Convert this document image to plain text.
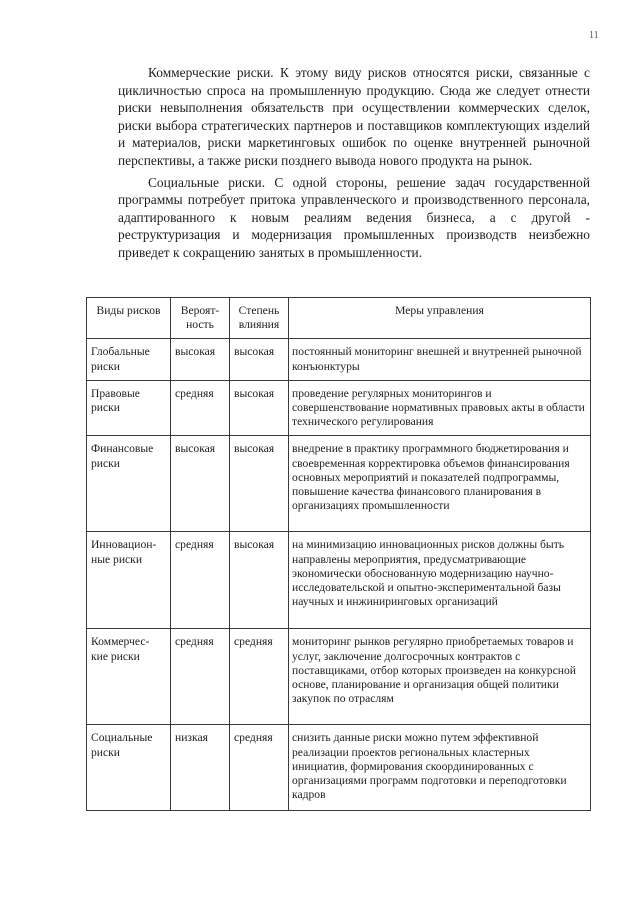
11

Коммерческие риски. К этому виду рисков относятся риски, связанные с цикличностью спроса на промышленную продукцию. Сюда же следует отнести риски невыполнения обязательств при осуществлении коммерческих сделок, риски выбора стратегических партнеров и поставщиков комплектующих изделий и материалов, риски маркетинговых ошибок по оценке внутренней рыночной перспективы, а также риски позднего вывода нового продукта на рынок.

Социальные риски. С одной стороны, решение задач государственной программы потребует притока управленческого и производственного персонала, адаптированного к новым реалиям ведения бизнеса, а с другой - реструктуризация и модернизация промышленных производств неизбежно приведет к сокращению занятых в промышленности.

Виды рисков	Вероят-ность	Степень влияния	Меры управления
Глобальные риски	высокая	высокая	постоянный мониторинг внешней и внутренней рыночной конъюнктуры
Правовые риски	средняя	высокая	проведение регулярных мониторингов и совершенствование нормативных правовых акты в области технического регулирования
Финансовые риски	высокая	высокая	внедрение в практику программного бюджетирования и своевременная корректировка объемов финансирования основных мероприятий и показателей подпрограммы, повышение качества финансового планирования в организациях промышленности
Инновацион-ные риски	средняя	высокая	на минимизацию инновационных рисков должны быть направлены мероприятия, предусматривающие экономически обоснованную модернизацию научно-исследовательской и опытно-экспериментальной базы научных и инжиниринговых организаций
Коммерчес-кие риски	средняя	средняя	мониторинг рынков регулярно приобретаемых товаров и услуг, заключение долгосрочных контрактов с поставщиками, отбор которых произведен на конкурсной основе, планирование и организация общей политики закупок по отраслям
Социальные риски	низкая	средняя	снизить данные риски можно путем эффективной реализации проектов региональных кластерных инициатив, формирования скоординированных с организациями программ подготовки и переподготовки кадров
